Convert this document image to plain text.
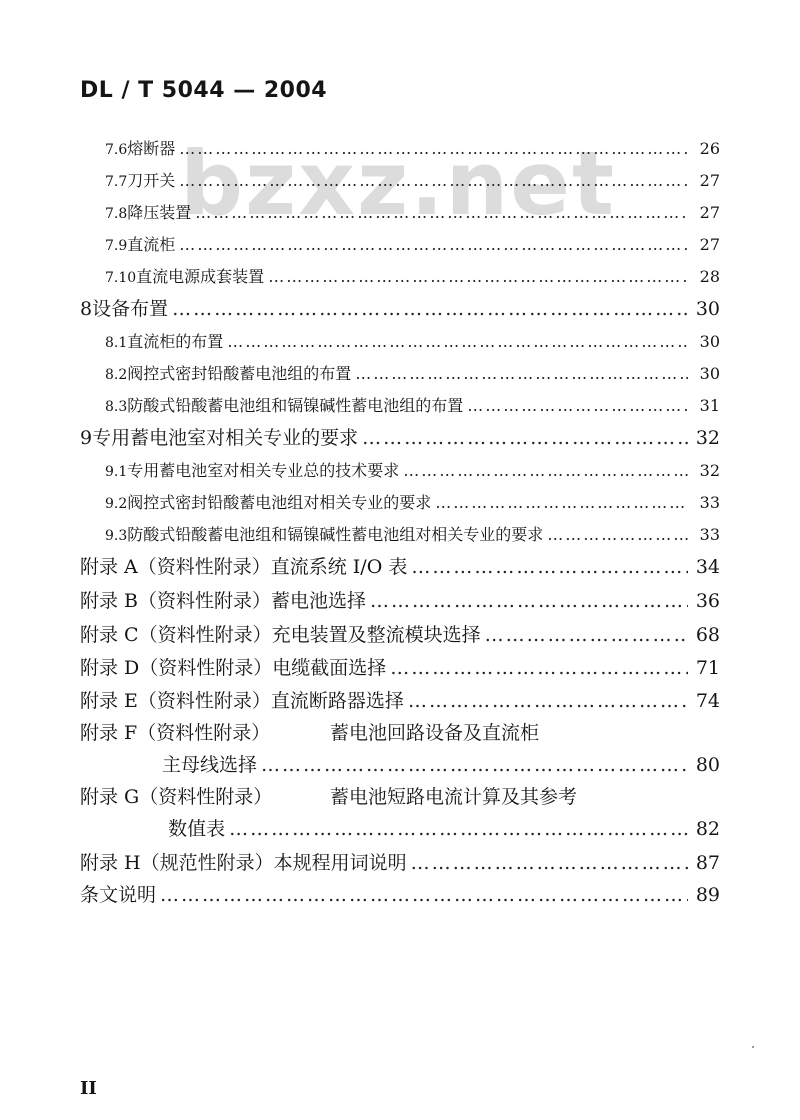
DL / T 5044 — 2004
bzxz.net
7.6 熔断器 ……………………………………………………………………………………………………………………………………………………………………	26
7.7 刀开关 ……………………………………………………………………………………………………………………………………………………………………	27
7.8 降压装置 ……………………………………………………………………………………………………………………………………………………………………	27
7.9 直流柜 ……………………………………………………………………………………………………………………………………………………………………	27
7.10 直流电源成套装置 ……………………………………………………………………………………………………………………………………………………………………	28
8 设备布置 ……………………………………………………………………………………………………………………………………………………………………	30
8.1 直流柜的布置 ……………………………………………………………………………………………………………………………………………………………………	30
8.2 阀控式密封铅酸蓄电池组的布置 ……………………………………………………………………………………………………………………………………………………………………	30
8.3 防酸式铅酸蓄电池组和镉镍碱性蓄电池组的布置 ……………………………………………………………………………………………………………………………………………………………………	31
9 专用蓄电池室对相关专业的要求 ……………………………………………………………………………………………………………………………………………………………………	32
9.1 专用蓄电池室对相关专业总的技术要求 ……………………………………………………………………………………………………………………………………………………………………	32
9.2 阀控式密封铅酸蓄电池组对相关专业的要求 ……………………………………………………………………………………………………………………………………………………………………	33
9.3 防酸式铅酸蓄电池组和镉镍碱性蓄电池组对相关专业的要求 ……………………………………………………………………………………………………………………………………………………………………	33
附录 A（资料性附录） 直流系统 I/O 表 ……………………………………………………………………………………………………………………………………………………………………	34
附录 B（资料性附录） 蓄电池选择 ……………………………………………………………………………………………………………………………………………………………………	36
附录 C（资料性附录） 充电装置及整流模块选择 ……………………………………………………………………………………………………………………………………………………………………	68
附录 D（资料性附录） 电缆截面选择 ……………………………………………………………………………………………………………………………………………………………………	71
附录 E（资料性附录） 直流断路器选择 ……………………………………………………………………………………………………………………………………………………………………	74
附录 F（资料性附录）	蓄电池回路设备及直流柜
主母线选择 ……………………………………………………………………………………………………………………………………………………………………	80
附录 G（资料性附录）	蓄电池短路电流计算及其参考
数值表 ……………………………………………………………………………………………………………………………………………………………………	82
附录 H（规范性附录） 本规程用词说明 ……………………………………………………………………………………………………………………………………………………………………	87
条文说明 ……………………………………………………………………………………………………………………………………………………………………	89
II
